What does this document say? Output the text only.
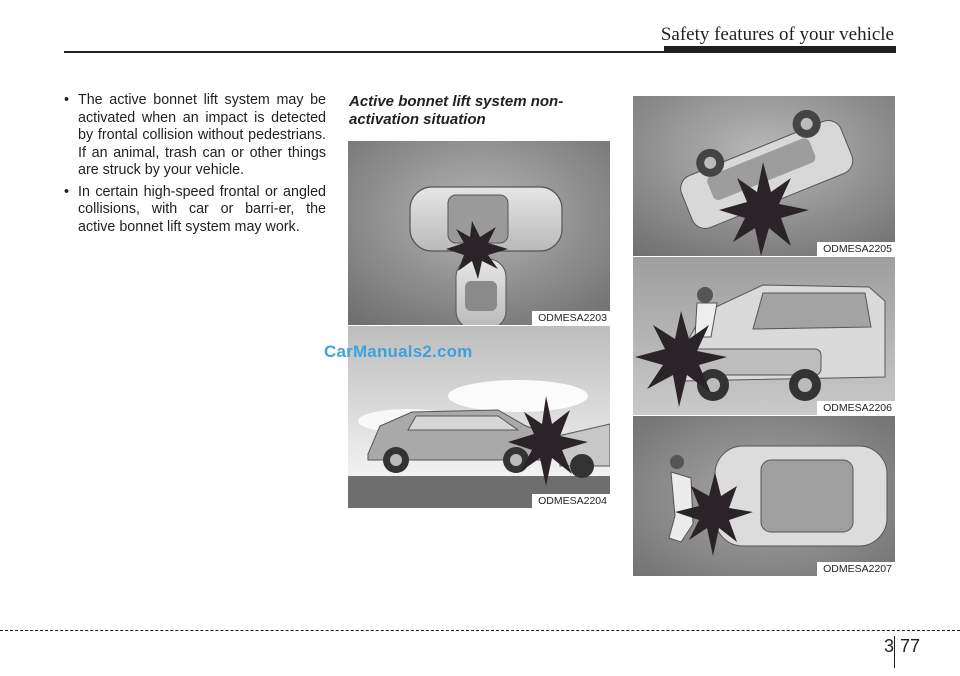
Safety features of your vehicle
• The active bonnet lift system may be activated when an impact is detected by frontal collision without pedestrians. If an animal, trash can or other things are struck by your vehicle.
• In certain high-speed frontal or angled collisions, with car or barri-er, the active bonnet lift system may work.
Active bonnet lift system non-activation situation
ODMESA2203
ODMESA2204
ODMESA2205
ODMESA2206
ODMESA2207
CarManuals2.com
3 77
